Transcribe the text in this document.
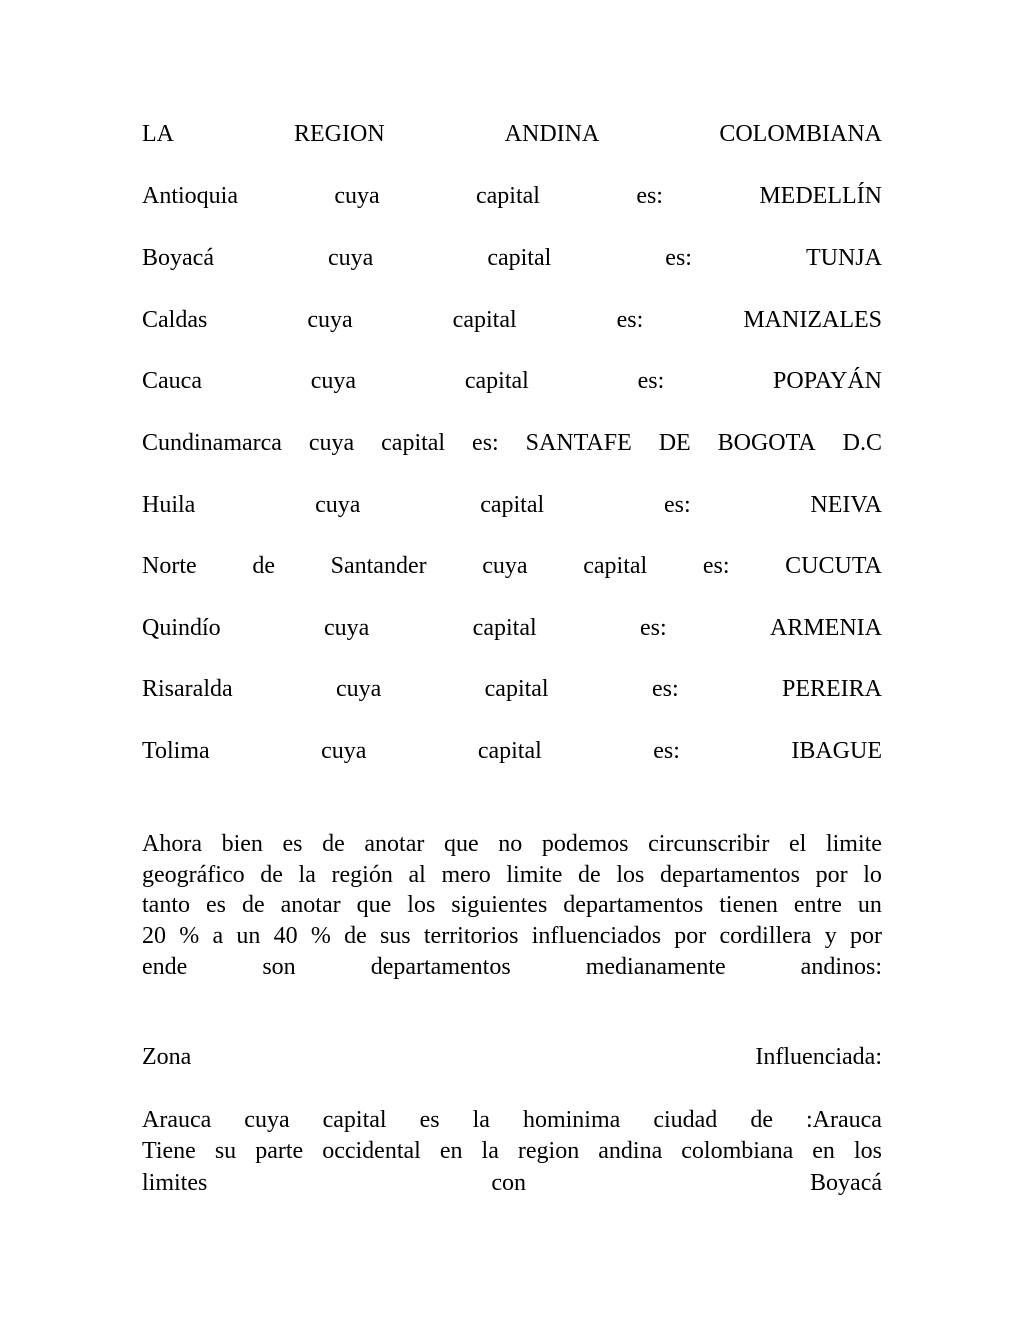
LA	REGION	ANDINA	COLOMBIANA
Antioquia	cuya	capital	es:	MEDELLÍN
Boyacá	cuya	capital	es:	TUNJA
Caldas	cuya	capital	es:	MANIZALES
Cauca	cuya	capital	es:	POPAYÁN
Cundinamarca cuya capital es: SANTAFE DE BOGOTA D.C
Huila	cuya	capital	es:	NEIVA
Norte de Santander cuya capital es: CUCUTA
Quindío	cuya	capital	es:	ARMENIA
Risaralda	cuya	capital	es:	PEREIRA
Tolima	cuya	capital	es:	IBAGUE
Ahora bien es de anotar que no podemos circunscribir el limite
geográfico de la región al mero limite de los departamentos por lo
tanto es de anotar que los siguientes departamentos tienen entre un
20 % a un 40 % de sus territorios influenciados por cordillera y por
ende	son	departamentos	medianamente	andinos:
Zona	Influenciada:
Arauca cuya capital es la hominima ciudad de :Arauca
Tiene su parte occidental en la region andina colombiana en los
limites	con	Boyacá
